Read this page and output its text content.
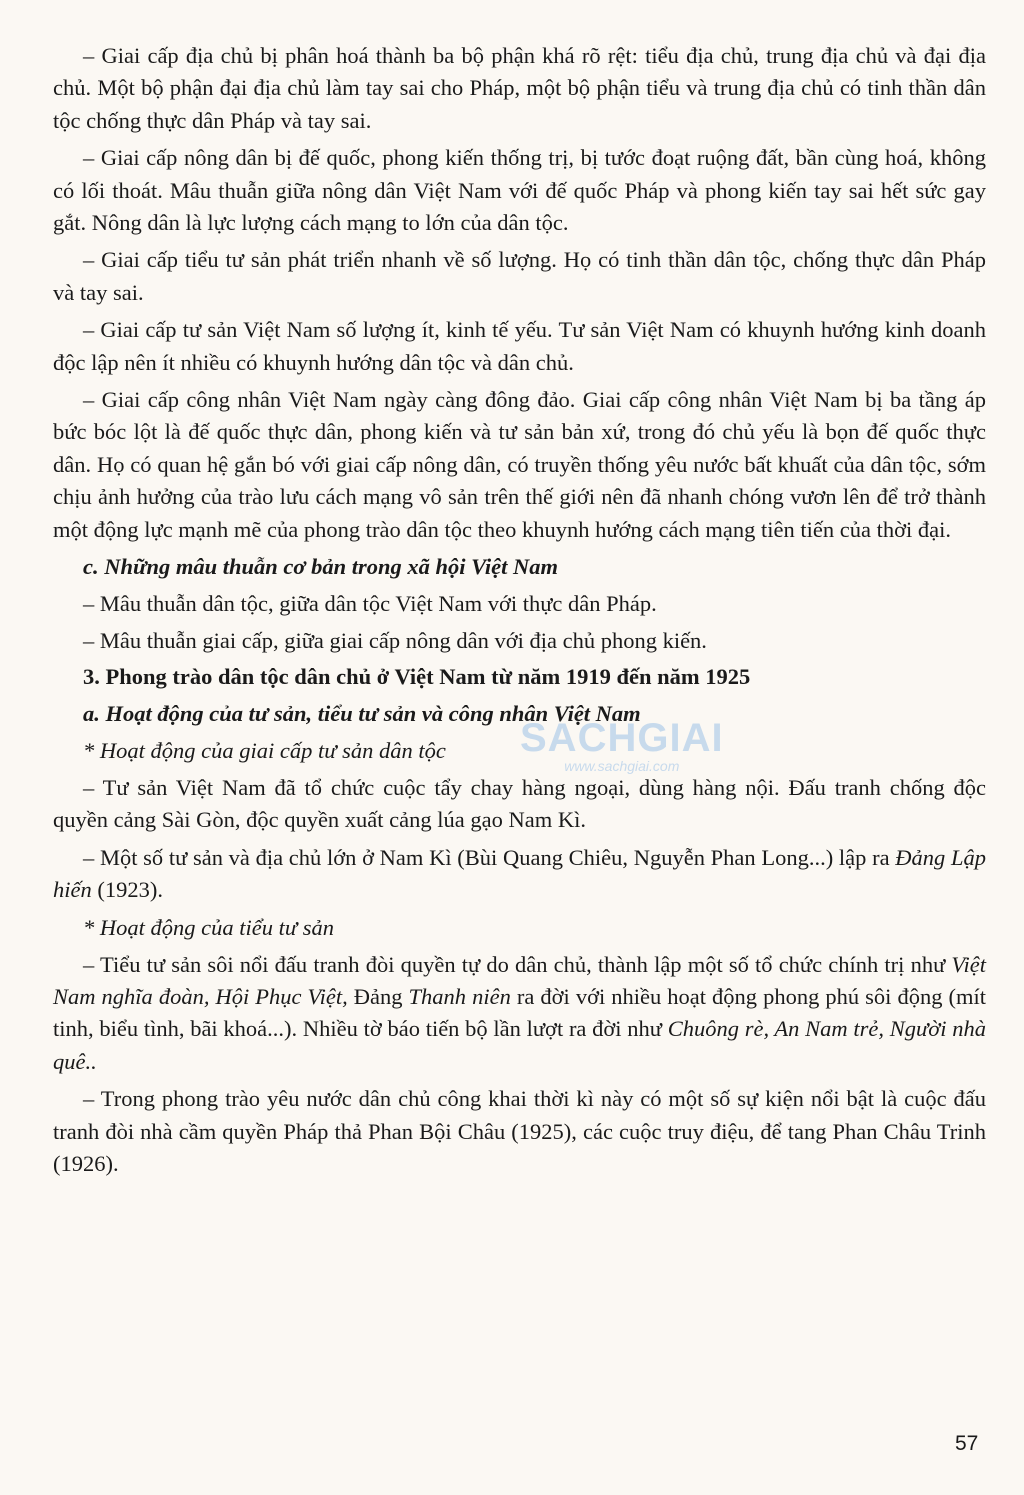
– Giai cấp địa chủ bị phân hoá thành ba bộ phận khá rõ rệt: tiểu địa chủ, trung địa chủ và đại địa chủ. Một bộ phận đại địa chủ làm tay sai cho Pháp, một bộ phận tiểu và trung địa chủ có tinh thần dân tộc chống thực dân Pháp và tay sai.

– Giai cấp nông dân bị đế quốc, phong kiến thống trị, bị tước đoạt ruộng đất, bần cùng hoá, không có lối thoát. Mâu thuẫn giữa nông dân Việt Nam với đế quốc Pháp và phong kiến tay sai hết sức gay gắt. Nông dân là lực lượng cách mạng to lớn của dân tộc.

– Giai cấp tiểu tư sản phát triển nhanh về số lượng. Họ có tinh thần dân tộc, chống thực dân Pháp và tay sai.

– Giai cấp tư sản Việt Nam số lượng ít, kinh tế yếu. Tư sản Việt Nam có khuynh hướng kinh doanh độc lập nên ít nhiều có khuynh hướng dân tộc và dân chủ.

– Giai cấp công nhân Việt Nam ngày càng đông đảo. Giai cấp công nhân Việt Nam bị ba tầng áp bức bóc lột là đế quốc thực dân, phong kiến và tư sản bản xứ, trong đó chủ yếu là bọn đế quốc thực dân. Họ có quan hệ gắn bó với giai cấp nông dân, có truyền thống yêu nước bất khuất của dân tộc, sớm chịu ảnh hưởng của trào lưu cách mạng vô sản trên thế giới nên đã nhanh chóng vươn lên để trở thành một động lực mạnh mẽ của phong trào dân tộc theo khuynh hướng cách mạng tiên tiến của thời đại.

c. Những mâu thuẫn cơ bản trong xã hội Việt Nam

– Mâu thuẫn dân tộc, giữa dân tộc Việt Nam với thực dân Pháp.

– Mâu thuẫn giai cấp, giữa giai cấp nông dân với địa chủ phong kiến.

3. Phong trào dân tộc dân chủ ở Việt Nam từ năm 1919 đến năm 1925

a. Hoạt động của tư sản, tiểu tư sản và công nhân Việt Nam

* Hoạt động của giai cấp tư sản dân tộc

– Tư sản Việt Nam đã tổ chức cuộc tẩy chay hàng ngoại, dùng hàng nội. Đấu tranh chống độc quyền cảng Sài Gòn, độc quyền xuất cảng lúa gạo Nam Kì.

– Một số tư sản và địa chủ lớn ở Nam Kì (Bùi Quang Chiêu, Nguyễn Phan Long...) lập ra Đảng Lập hiến (1923).

* Hoạt động của tiểu tư sản

– Tiểu tư sản sôi nổi đấu tranh đòi quyền tự do dân chủ, thành lập một số tổ chức chính trị như Việt Nam nghĩa đoàn, Hội Phục Việt, Đảng Thanh niên ra đời với nhiều hoạt động phong phú sôi động (mít tinh, biểu tình, bãi khoá...). Nhiều tờ báo tiến bộ lần lượt ra đời như Chuông rè, An Nam trẻ, Người nhà quê..

– Trong phong trào yêu nước dân chủ công khai thời kì này có một số sự kiện nổi bật là cuộc đấu tranh đòi nhà cầm quyền Pháp thả Phan Bội Châu (1925), các cuộc truy điệu, để tang Phan Châu Trinh (1926).

SACHGIAI
www.sachgiai.com
57
